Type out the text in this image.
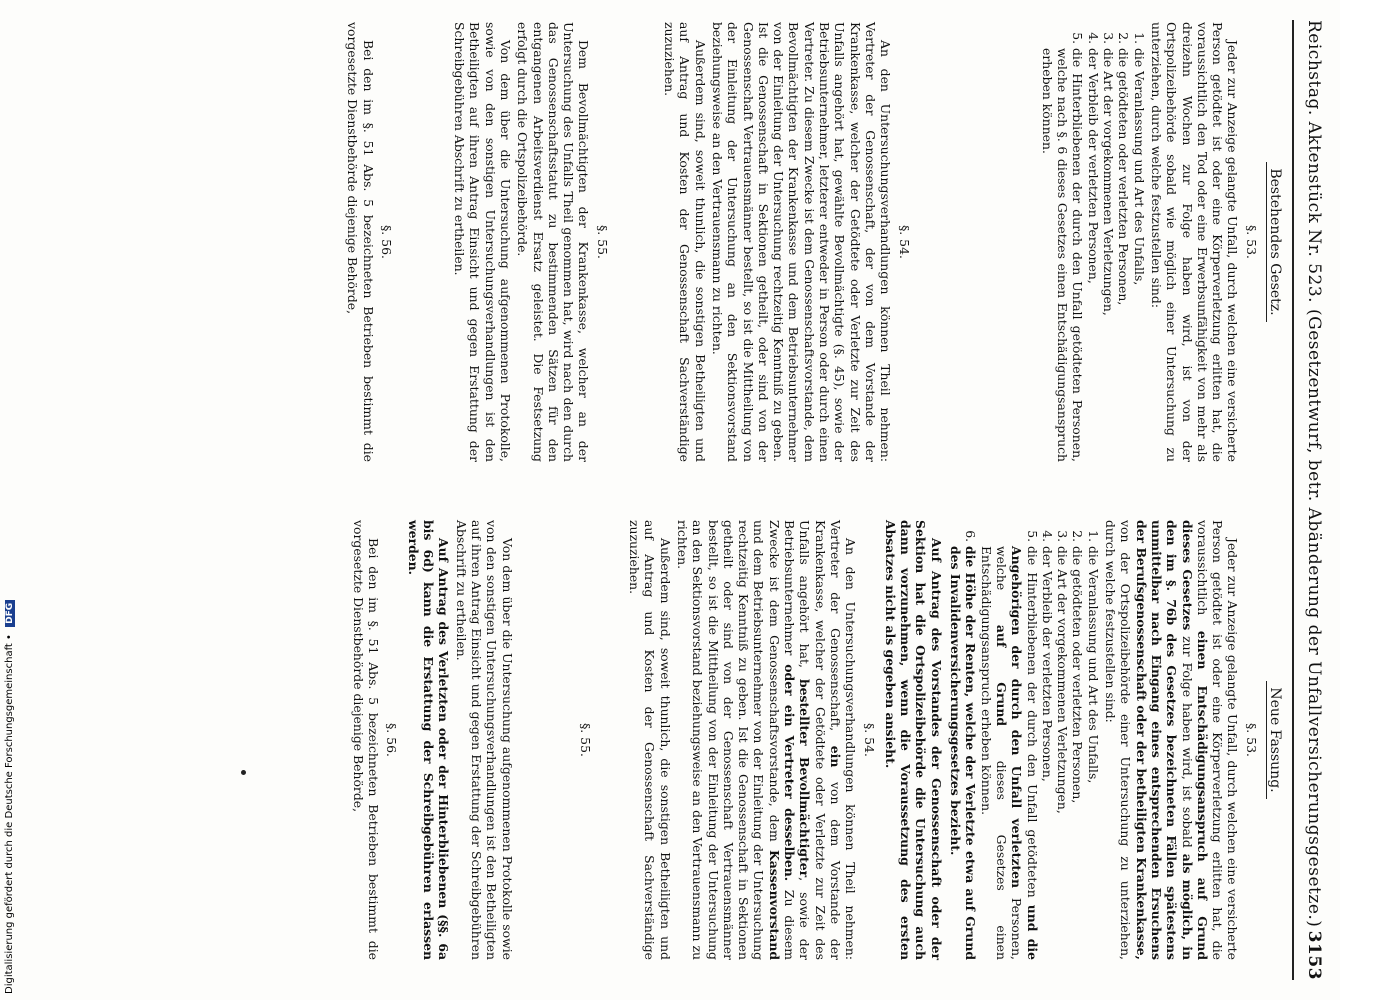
Reichstag. Aktenstück Nr. 523. (Gesetzentwurf, betr. Abänderung der Unfallversicherungsgesetze.)
3153
Bestehendes Gesetz.
§. 53.

Jeder zur Anzeige gelangte Unfall, durch welchen eine versicherte Person getödtet ist oder eine Körperverletzung erlitten hat, die voraussichtlich den Tod oder eine Erwerbsunfähigkeit von mehr als dreizehn Wochen zur Folge haben wird, ist von der Ortspolizeibehörde sobald wie möglich einer Untersuchung zu unterziehen, durch welche festzustellen sind:

1. die Veranlassung und Art des Unfalls,
2. die getödteten oder verletzten Personen,
3. die Art der vorgekommenen Verletzungen,
4. der Verbleib der verletzten Personen,
5. die Hinterbliebenen der durch den Unfall getödteten Personen, welche nach §. 6 dieses Gesetzes einen Entschädigungsanspruch erheben können.
§. 54.

An den Untersuchungsverhandlungen können Theil nehmen: Vertreter der Genossenschaft, der von dem Vorstande der Krankenkasse, welcher der Getödtete oder Verletzte zur Zeit des Unfalls angehört hat, gewählte Bevollmächtigte (§. 45), sowie der Betriebsunternehmer, letzterer entweder in Person oder durch einen Vertreter. Zu diesem Zwecke ist dem Genossenschaftsvorstande, dem Bevollmächtigten der Krankenkasse und dem Betriebsunternehmer von der Einleitung der Untersuchung rechtzeitig Kenntniß zu geben. Ist die Genossenschaft in Sektionen getheilt, oder sind von der Genossenschaft Vertrauensmänner bestellt, so ist die Mittheilung von der Einleitung der Untersuchung an den Sektionsvorstand beziehungsweise an den Vertrauensmann zu richten.

Außerdem sind, soweit thunlich, die sonstigen Betheiligten und auf Antrag und Kosten der Genossenschaft Sachverständige zuzuziehen.

§. 55.

Dem Bevollmächtigten der Krankenkasse, welcher an der Untersuchung des Unfalls Theil genommen hat, wird nach den durch das Genossenschaftsstatut zu bestimmenden Sätzen für den entgangenen Arbeitsverdienst Ersatz geleistet. Die Festsetzung erfolgt durch die Ortspolizeibehörde.

Von dem über die Untersuchung aufgenommenen Protokolle, sowie von den sonstigen Untersuchungsverhandlungen ist den Betheiligten auf ihren Antrag Einsicht und gegen Erstattung der Schreibgebühren Abschrift zu ertheilen.

§. 56.

Bei den im §. 51 Abs. 5 bezeichneten Betrieben bestimmt die vorgesetzte Dienstbehörde diejenige Behörde,

Neue Fassung.
§. 53.

Jeder zur Anzeige gelangte Unfall, durch welchen eine versicherte Person getödtet ist oder eine Körperverletzung erlitten hat, die voraussichtlich einen Entschädigungsanspruch auf Grund dieses Gesetzes zur Folge haben wird, ist sobald als möglich, in den im §. 76b des Gesetzes bezeichneten Fällen spätestens unmittelbar nach Eingang eines entsprechenden Ersuchens der Berufsgenossenschaft oder der betheiligten Krankenkasse, von der Ortspolizeibehörde einer Untersuchung zu unterziehen, durch welche festzustellen sind:

1. die Veranlassung und Art des Unfalls,
2. die getödteten oder verletzten Personen,
3. die Art der vorgekommenen Verletzungen,
4. der Verbleib der verletzten Personen,
5. die Hinterbliebenen der durch den Unfall getödteten und die Angehörigen der durch den Unfall verletzten Personen, welche auf Grund dieses Gesetzes einen Entschädigungsanspruch erheben können.
6. die Höhe der Renten, welche der Verletzte etwa auf Grund des Invalidenversicherungsgesetzes bezieht.

Auf Antrag des Vorstandes der Genossenschaft oder der Sektion hat die Ortspolizeibehörde die Untersuchung auch dann vorzunehmen, wenn die Voraussetzung des ersten Absatzes nicht als gegeben ansieht.

§. 54.

An den Untersuchungsverhandlungen können Theil nehmen: Vertreter der Genossenschaft, ein von dem Vorstande der Krankenkasse, welcher der Getödtete oder Verletzte zur Zeit des Unfalls angehört hat, bestellter Bevollmächtigter, sowie der Betriebsunternehmer oder ein Vertreter desselben. Zu diesem Zwecke ist dem Genossenschaftsvorstande, dem Kassenvorstand und dem Betriebsunternehmer von der Einleitung der Untersuchung rechtzeitig Kenntniß zu geben. Ist die Genossenschaft in Sektionen getheilt oder sind von der Genossenschaft Vertrauensmänner bestellt, so ist die Mittheilung von der Einleitung der Untersuchung an den Sektionsvorstand beziehungsweise an den Vertrauensmann zu richten.

Außerdem sind, soweit thunlich, die sonstigen Betheiligten und auf Antrag und Kosten der Genossenschaft Sachverständige zuzuziehen.

§. 55.

Von dem über die Untersuchung aufgenommenen Protokolle sowie von den sonstigen Untersuchungsverhandlungen ist den Betheiligten auf ihren Antrag Einsicht und gegen Erstattung der Schreibgebühren Abschrift zu ertheilen.

Auf Antrag des Verletzten oder der Hinterbliebenen (§§. 6a bis 6d) kann die Erstattung der Schreibgebühren erlassen werden.

§. 56.

Bei den im §. 51 Abs. 5 bezeichneten Betrieben bestimmt die vorgesetzte Dienstbehörde diejenige Behörde,

Digitalisierung gefördert durch die Deutsche Forschungsgemeinschaft • DFG
